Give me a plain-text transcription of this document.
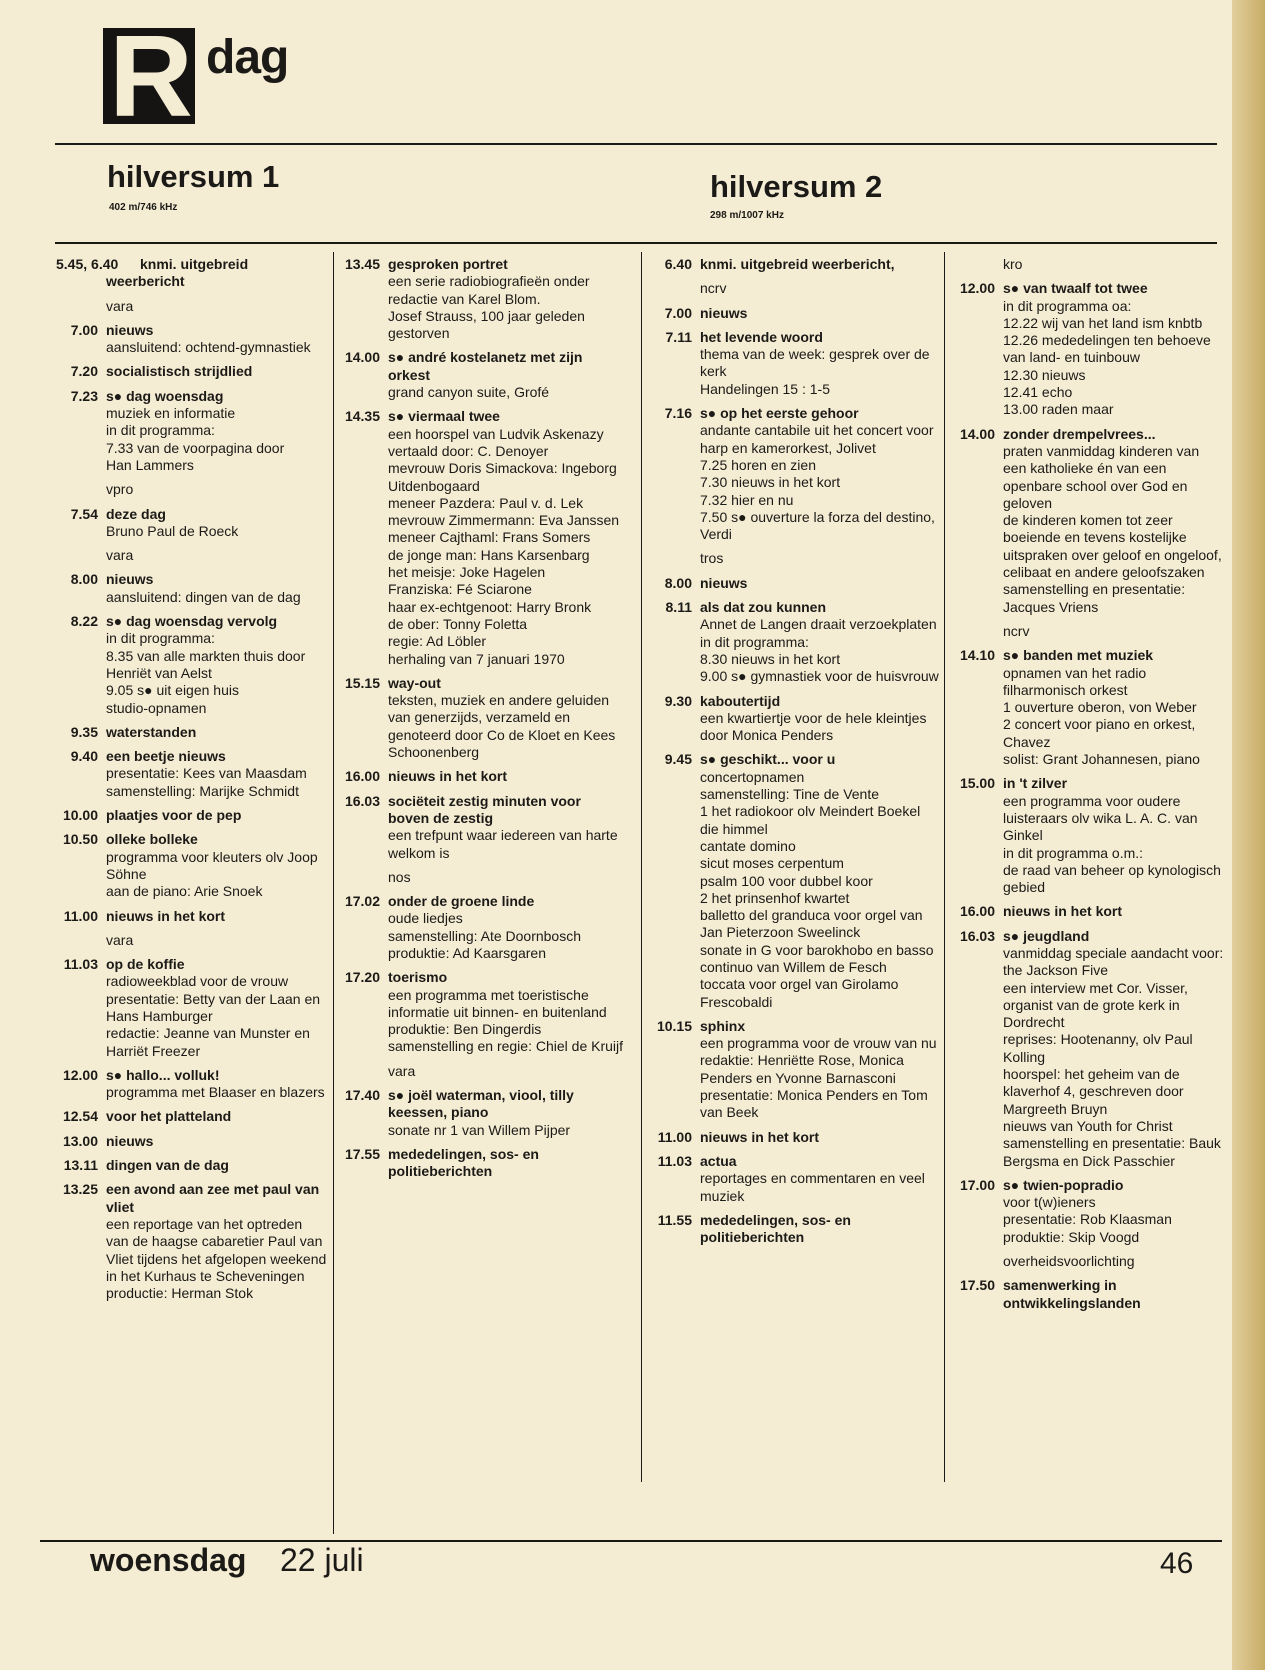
R dag
hilversum 1
402 m/746 kHz
hilversum 2
298 m/1007 kHz
5.45, 6.40	knmi. uitgebreid weerbericht
vara
7.00 nieuws
aansluitend: ochtend-gymnastiek
7.20 socialistisch strijdlied
7.23 s● dag woensdag
muziek en informatie
in dit programma:
7.33 van de voorpagina door
Han Lammers
vpro
7.54 deze dag
Bruno Paul de Roeck
vara
8.00 nieuws
aansluitend: dingen van de dag
8.22 s● dag woensdag vervolg
in dit programma:
8.35 van alle markten thuis door Henriët van Aelst
9.05 s● uit eigen huis
studio-opnamen
9.35 waterstanden
9.40 een beetje nieuws
presentatie: Kees van Maasdam
samenstelling: Marijke Schmidt
10.00 plaatjes voor de pep
10.50 olleke bolleke
programma voor kleuters olv Joop Söhne
aan de piano: Arie Snoek
11.00 nieuws in het kort
vara
11.03 op de koffie
radioweekblad voor de vrouw
presentatie: Betty van der Laan en Hans Hamburger
redactie: Jeanne van Munster en Harriët Freezer
12.00 s● hallo... volluk!
programma met Blaaser en blazers
12.54 voor het platteland
13.00 nieuws
13.11 dingen van de dag
13.25 een avond aan zee met paul van vliet
een reportage van het optreden van de haagse cabaretier Paul van Vliet tijdens het afgelopen weekend in het Kurhaus te Scheveningen
productie: Herman Stok
13.45 gesproken portret
een serie radiobiografieën onder redactie van Karel Blom.
Josef Strauss, 100 jaar geleden gestorven
14.00 s● andré kostelanetz met zijn orkest
grand canyon suite, Grofé
14.35 s● viermaal twee
een hoorspel van Ludvik Askenazy
vertaald door: C. Denoyer
mevrouw Doris Simackova: Ingeborg Uitdenbogaard
meneer Pazdera: Paul v. d. Lek
mevrouw Zimmermann: Eva Janssen
meneer Cajthaml: Frans Somers
de jonge man: Hans Karsenbarg
het meisje: Joke Hagelen
Franziska: Fé Sciarone
haar ex-echtgenoot: Harry Bronk
de ober: Tonny Foletta
regie: Ad Löbler
herhaling van 7 januari 1970
15.15 way-out
teksten, muziek en andere geluiden van generzijds, verzameld en genoteerd door Co de Kloet en Kees Schoonenberg
16.00 nieuws in het kort
16.03 sociëteit zestig minuten voor boven de zestig
een trefpunt waar iedereen van harte welkom is
nos
17.02 onder de groene linde
oude liedjes
samenstelling: Ate Doornbosch
produktie: Ad Kaarsgaren
17.20 toerismo
een programma met toeristische informatie uit binnen- en buitenland
produktie: Ben Dingerdis
samenstelling en regie: Chiel de Kruijf
vara
17.40 s● joël waterman, viool, tilly keessen, piano
sonate nr 1 van Willem Pijper
17.55 mededelingen, sos- en politieberichten
6.40 knmi. uitgebreid weerbericht,
ncrv
7.00 nieuws
7.11 het levende woord
thema van de week: gesprek over de kerk
Handelingen 15 : 1-5
7.16 s● op het eerste gehoor
andante cantabile uit het concert voor harp en kamerorkest, Jolivet
7.25 horen en zien
7.30 nieuws in het kort
7.32 hier en nu
7.50 s● ouverture la forza del destino, Verdi
tros
8.00 nieuws
8.11 als dat zou kunnen
Annet de Langen draait verzoekplaten
in dit programma:
8.30 nieuws in het kort
9.00 s● gymnastiek voor de huisvrouw
9.30 kaboutertijd
een kwartiertje voor de hele kleintjes
door Monica Penders
9.45 s● geschikt... voor u
concertopnamen
samenstelling: Tine de Vente
1 het radiokoor olv Meindert Boekel
die himmel
cantate domino
sicut moses cerpentum
psalm 100 voor dubbel koor
2 het prinsenhof kwartet
balletto del granduca voor orgel van Jan Pieterzoon Sweelinck
sonate in G voor barokhobo en basso continuo van Willem de Fesch
toccata voor orgel van Girolamo Frescobaldi
10.15 sphinx
een programma voor de vrouw van nu
redaktie: Henriëtte Rose, Monica Penders en Yvonne Barnasconi
presentatie: Monica Penders en Tom van Beek
11.00 nieuws in het kort
11.03 actua
reportages en commentaren en veel muziek
11.55 mededelingen, sos- en politieberichten
kro
12.00 s● van twaalf tot twee
in dit programma oa:
12.22 wij van het land ism knbtb
12.26 mededelingen ten behoeve van land- en tuinbouw
12.30 nieuws
12.41 echo
13.00 raden maar
14.00 zonder drempelvrees...
praten vanmiddag kinderen van een katholieke én van een openbare school over God en geloven
de kinderen komen tot zeer boeiende en tevens kostelijke uitspraken over geloof en ongeloof, celibaat en andere geloofszaken
samenstelling en presentatie: Jacques Vriens
ncrv
14.10 s● banden met muziek
opnamen van het radio filharmonisch orkest
1 ouverture oberon, von Weber
2 concert voor piano en orkest, Chavez
solist: Grant Johannesen, piano
15.00 in 't zilver
een programma voor oudere luisteraars olv wika L. A. C. van Ginkel
in dit programma o.m.:
de raad van beheer op kynologisch gebied
16.00 nieuws in het kort
16.03 s● jeugdland
vanmiddag speciale aandacht voor: the Jackson Five
een interview met Cor. Visser, organist van de grote kerk in Dordrecht
reprises: Hootenanny, olv Paul Kolling
hoorspel: het geheim van de klaverhof 4, geschreven door Margreeth Bruyn
nieuws van Youth for Christ
samenstelling en presentatie: Bauk Bergsma en Dick Passchier
17.00 s● twien-popradio
voor t(w)ieners
presentatie: Rob Klaasman
produktie: Skip Voogd
overheidsvoorlichting
17.50 samenwerking in ontwikkelingslanden
woensdag 22 juli	46
